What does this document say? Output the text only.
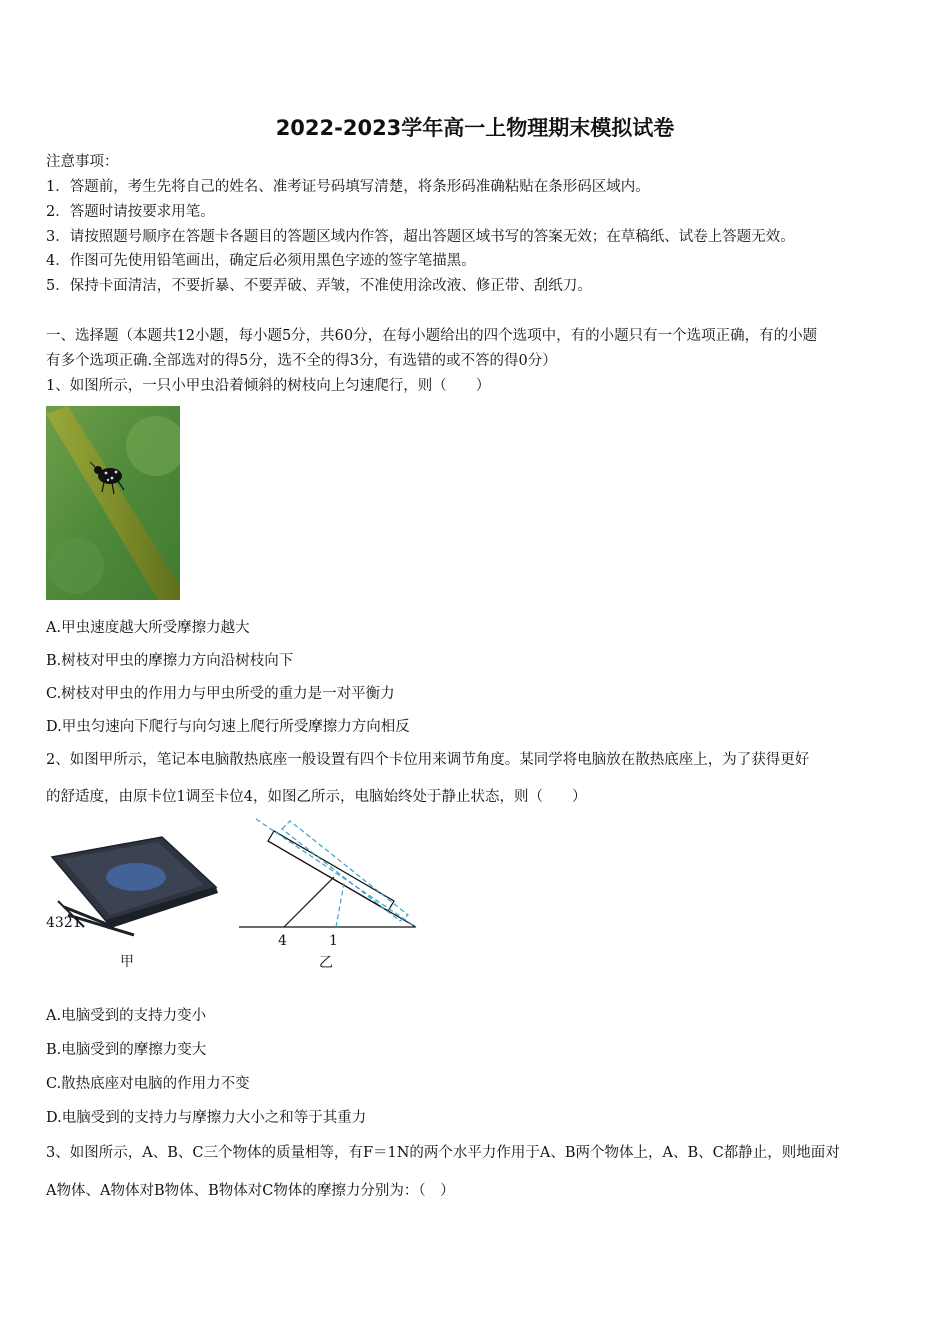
2022-2023学年高一上物理期末模拟试卷
注意事项：
1．答题前，考生先将自己的姓名、准考证号码填写清楚，将条形码准确粘贴在条形码区域内。
2．答题时请按要求用笔。
3．请按照题号顺序在答题卡各题目的答题区域内作答，超出答题区域书写的答案无效；在草稿纸、试卷上答题无效。
4．作图可先使用铅笔画出，确定后必须用黑色字迹的签字笔描黑。
5．保持卡面清洁，不要折暴、不要弄破、弄皱，不准使用涂改液、修正带、刮纸刀。
一、选择题（本题共12小题，每小题5分，共60分，在每小题给出的四个选项中，有的小题只有一个选项正确，有的小题
有多个选项正确.全部选对的得5分，选不全的得3分，有选错的或不答的得0分）
1、如图所示，一只小甲虫沿着倾斜的树枝向上匀速爬行，则（　　）
A.甲虫速度越大所受摩擦力越大
B.树枝对甲虫的摩擦力方向沿树枝向下
C.树枝对甲虫的作用力与甲虫所受的重力是一对平衡力
D.甲虫匀速向下爬行与向匀速上爬行所受摩擦力方向相反
2、如图甲所示，笔记本电脑散热底座一般设置有四个卡位用来调节角度。某同学将电脑放在散热底座上，为了获得更好
的舒适度，由原卡位1调至卡位4，如图乙所示，电脑始终处于静止状态，则（　　）
4321
甲
4	1
乙
A.电脑受到的支持力变小
B.电脑受到的摩擦力变大
C.散热底座对电脑的作用力不变
D.电脑受到的支持力与摩擦力大小之和等于其重力
3、如图所示，A、B、C三个物体的质量相等，有F＝1N的两个水平力作用于A、B两个物体上，A、B、C都静止，则地面对
A物体、A物体对B物体、B物体对C物体的摩擦力分别为：（　）
